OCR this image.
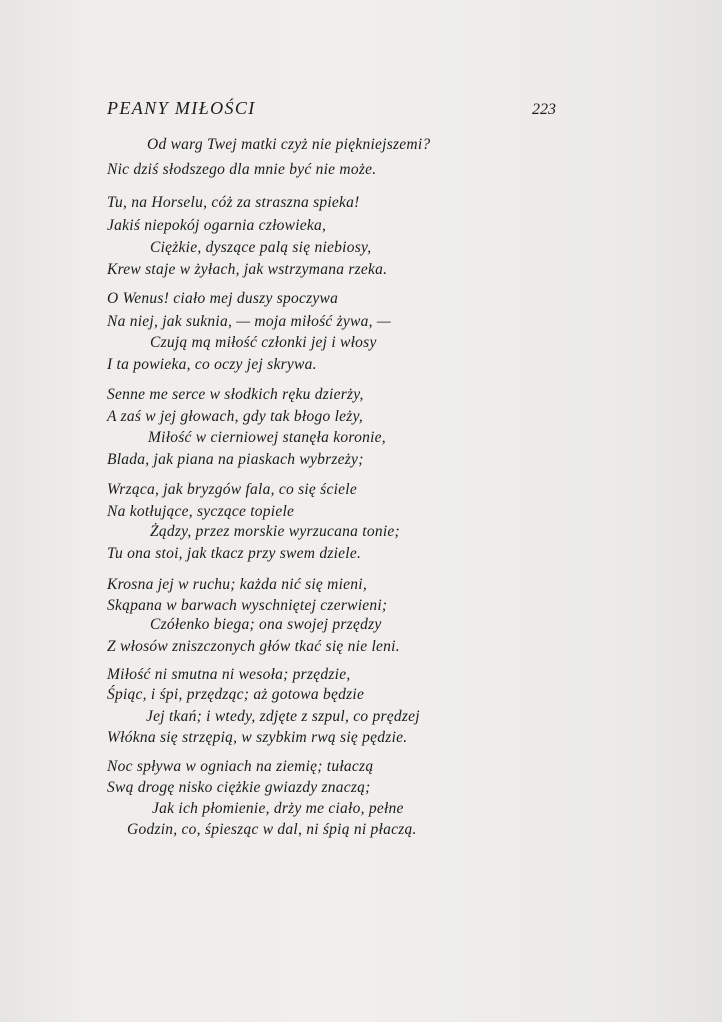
PEANY MIŁOŚCI	223
Od warg Twej matki czyż nie piękniejszemi?
Nic dziś słodszego dla mnie być nie może.
Tu, na Horselu, cóż za straszna spieka!
Jakiś niepokój ogarnia człowieka,
Ciężkie, dyszące palą się niebiosy,
Krew staje w żyłach, jak wstrzymana rzeka.
O Wenus! ciało mej duszy spoczywa
Na niej, jak suknia, — moja miłość żywa, —
Czują mą miłość członki jej i włosy
I ta powieka, co oczy jej skrywa.
Senne me serce w słodkich ręku dzierży,
A zaś w jej głowach, gdy tak błogo leży,
Miłość w cierniowej stanęła koronie,
Blada, jak piana na piaskach wybrzeży;
Wrząca, jak bryzgów fala, co się ściele
Na kotłujące, syczące topiele
Żądzy, przez morskie wyrzucana tonie;
Tu ona stoi, jak tkacz przy swem dziele.
Krosna jej w ruchu; każda nić się mieni,
Skąpana w barwach wyschniętej czerwieni;
Czółenko biega; ona swojej przędzy
Z włosów zniszczonych głów tkać się nie leni.
Miłość ni smutna ni wesoła; przędzie,
Śpiąc, i śpi, przędząc; aż gotowa będzie
Jej tkań; i wtedy, zdjęte z szpul, co prędzej
Włókna się strzępią, w szybkim rwą się pędzie.
Noc spływa w ogniach na ziemię; tułaczą
Swą drogę nisko ciężkie gwiazdy znaczą;
Jak ich płomienie, drży me ciało, pełne
Godzin, co, śpiesząc w dal, ni śpią ni płaczą.
